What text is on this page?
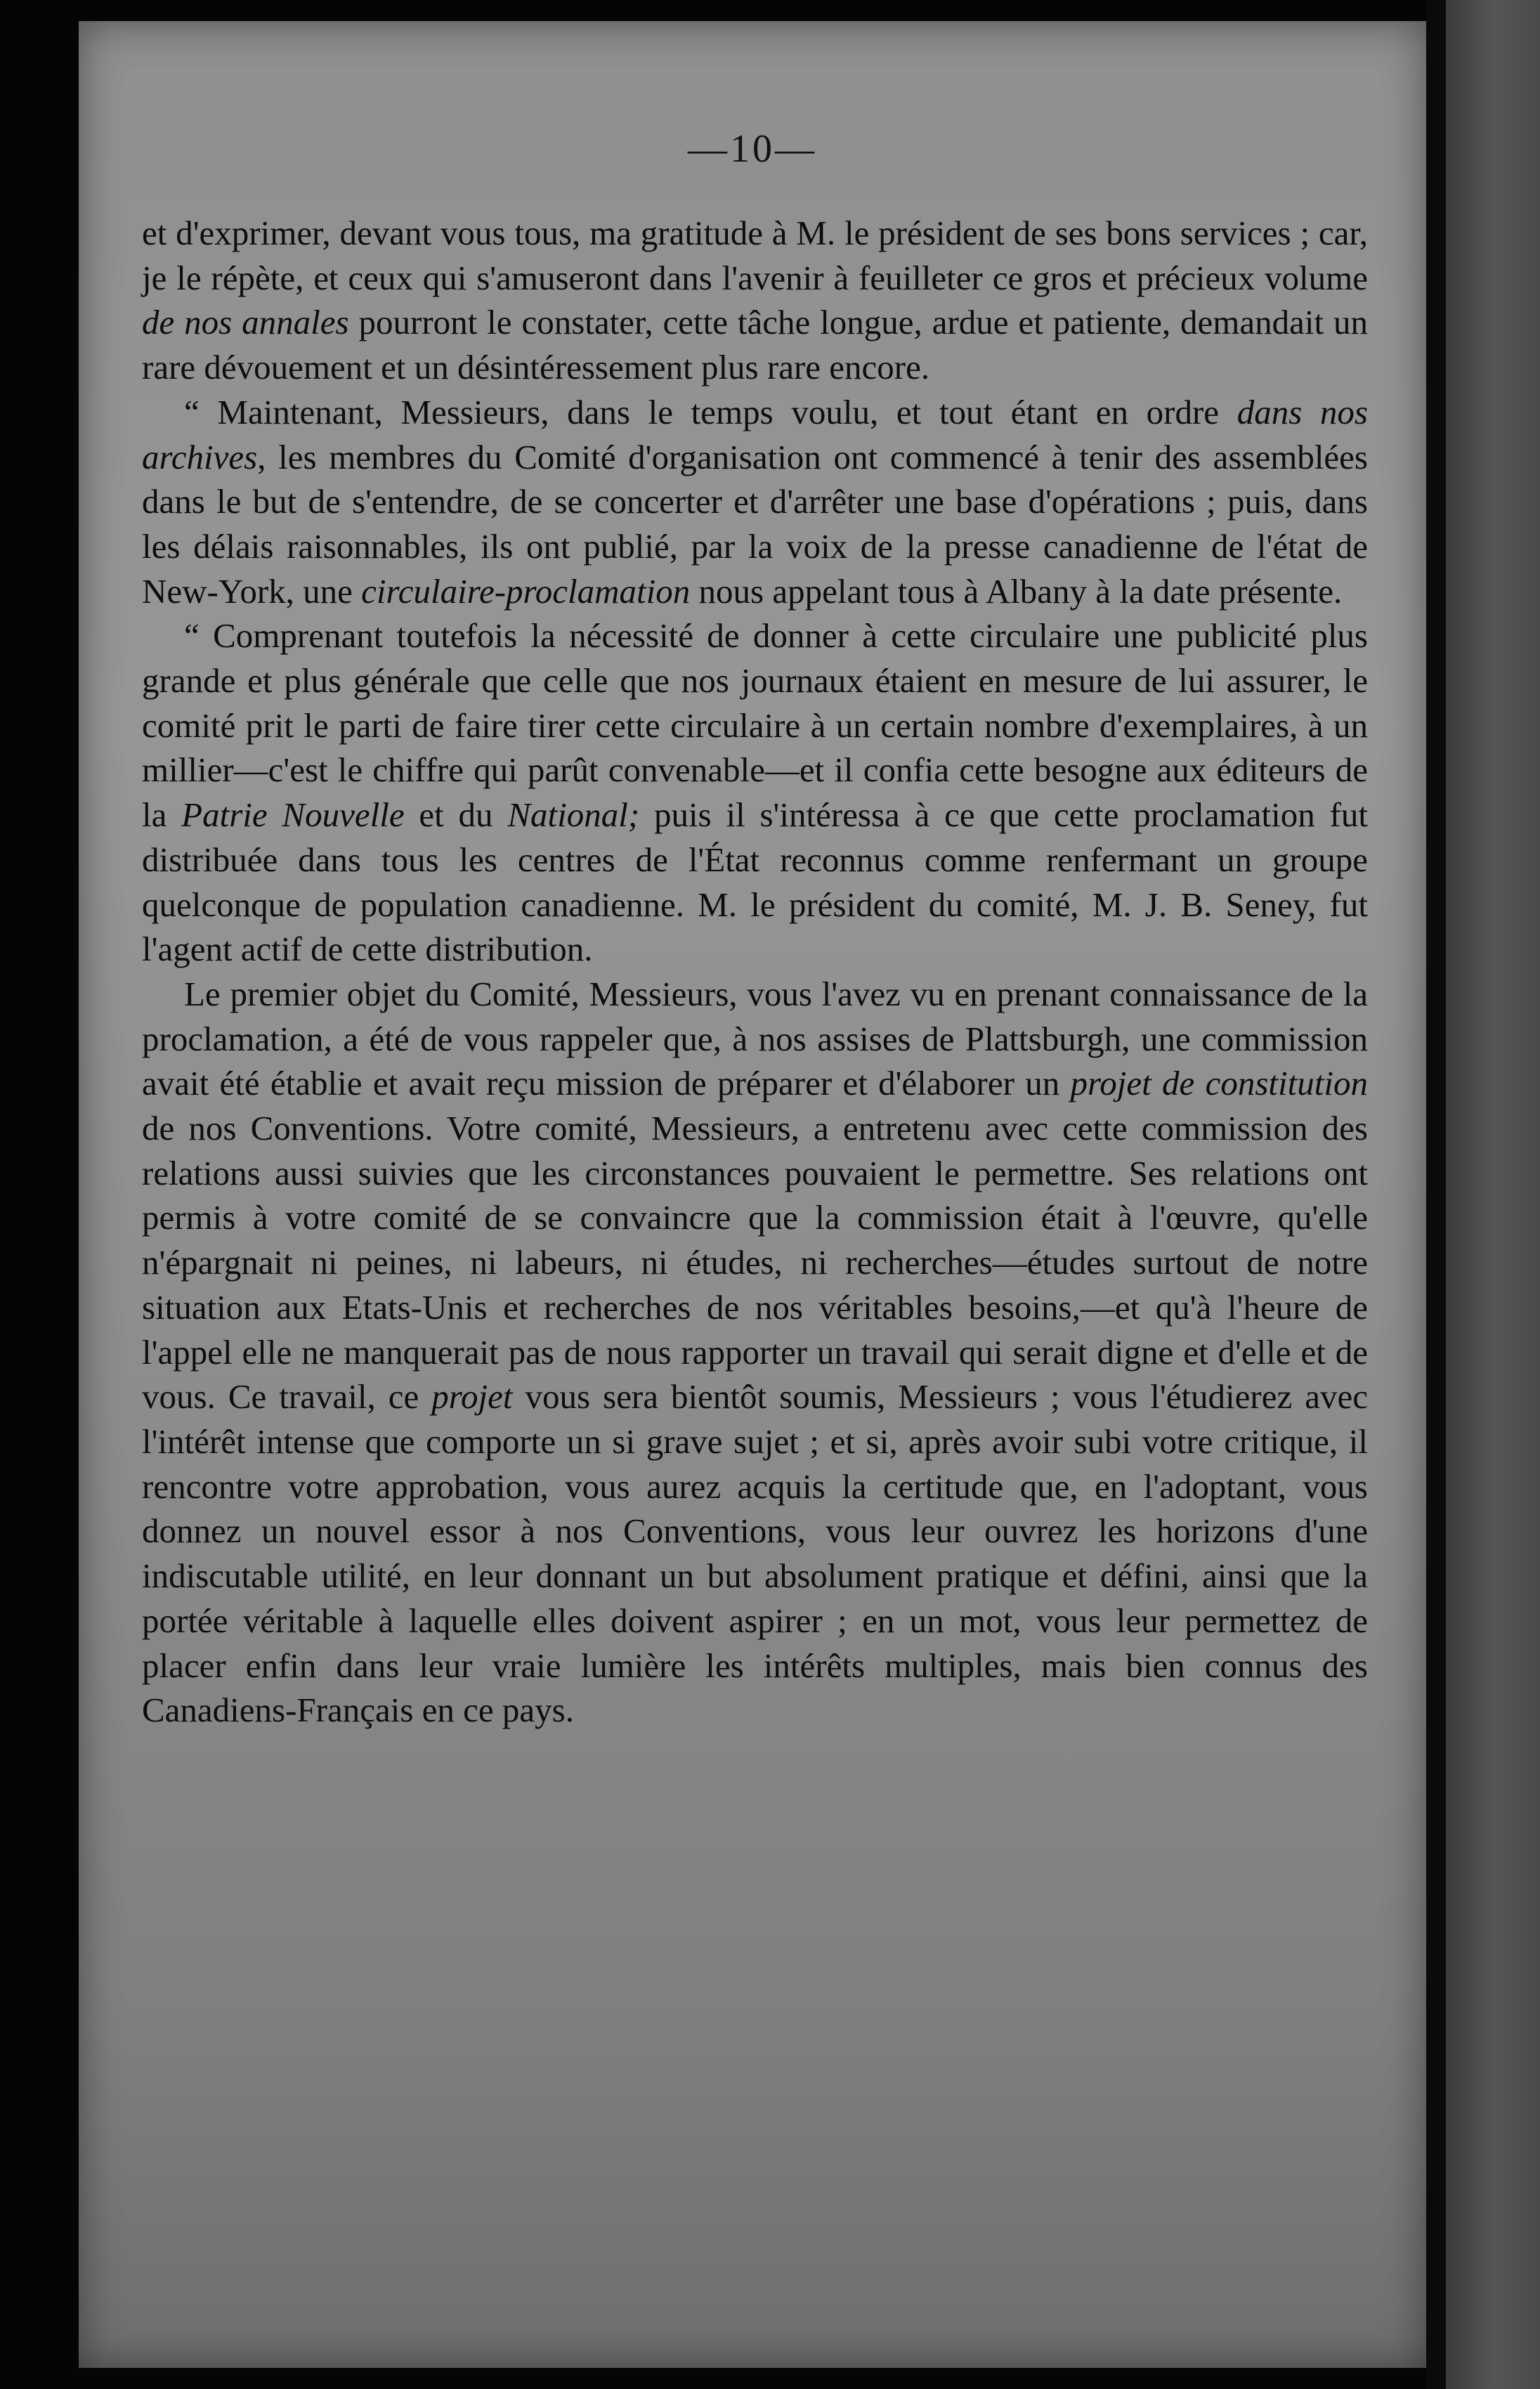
—10—

et d'exprimer, devant vous tous, ma gratitude à M. le président de ses bons services ; car, je le répète, et ceux qui s'amuseront dans l'avenir à feuilleter ce gros et précieux volume de nos annales pourront le constater, cette tâche longue, ardue et patiente, demandait un rare dévouement et un désintéressement plus rare encore.

“ Maintenant, Messieurs, dans le temps voulu, et tout étant en ordre dans nos archives, les membres du Comité d'organisation ont commencé à tenir des assemblées dans le but de s'entendre, de se concerter et d'arrêter une base d'opérations ; puis, dans les délais raisonnables, ils ont publié, par la voix de la presse canadienne de l'état de New-York, une circulaire-proclamation nous appelant tous à Albany à la date présente.

“ Comprenant toutefois la nécessité de donner à cette circulaire une publicité plus grande et plus générale que celle que nos journaux étaient en mesure de lui assurer, le comité prit le parti de faire tirer cette circulaire à un certain nombre d'exemplaires, à un millier—c'est le chiffre qui parût convenable—et il confia cette besogne aux éditeurs de la Patrie Nouvelle et du National; puis il s'intéressa à ce que cette proclamation fut distribuée dans tous les centres de l'État reconnus comme renfermant un groupe quelconque de population canadienne. M. le président du comité, M. J. B. Seney, fut l'agent actif de cette distribution.

Le premier objet du Comité, Messieurs, vous l'avez vu en prenant connaissance de la proclamation, a été de vous rappeler que, à nos assises de Plattsburgh, une commission avait été établie et avait reçu mission de préparer et d'élaborer un projet de constitution de nos Conventions. Votre comité, Messieurs, a entretenu avec cette commission des relations aussi suivies que les circonstances pouvaient le permettre. Ses relations ont permis à votre comité de se convaincre que la commission était à l'œuvre, qu'elle n'épargnait ni peines, ni labeurs, ni études, ni recherches—études surtout de notre situation aux Etats-Unis et recherches de nos véritables besoins,—et qu'à l'heure de l'appel elle ne manquerait pas de nous rapporter un travail qui serait digne et d'elle et de vous. Ce travail, ce projet vous sera bientôt soumis, Messieurs ; vous l'étudierez avec l'intérêt intense que comporte un si grave sujet ; et si, après avoir subi votre critique, il rencontre votre approbation, vous aurez acquis la certitude que, en l'adoptant, vous donnez un nouvel essor à nos Conventions, vous leur ouvrez les horizons d'une indiscutable utilité, en leur donnant un but absolument pratique et défini, ainsi que la portée véritable à laquelle elles doivent aspirer ; en un mot, vous leur permettez de placer enfin dans leur vraie lumière les intérêts multiples, mais bien connus des Canadiens-Français en ce pays.
